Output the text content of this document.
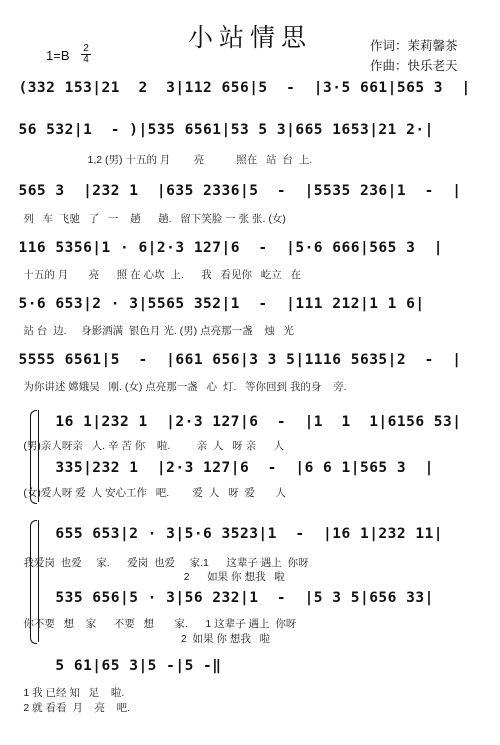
小站情思	作词：茉莉馨茶
作曲：快乐老天
1=B	2
4
(332 153|21  2  3|112 656|5  -  |3·5 661|565 3  |
56 532|1  - )|535 6561|53 5 3|665 1653|21 2·|
1,2 (男) 十五的 月        亮           照在   站  台  上.
565 3  |232 1  |635 2336|5  -  |5535 236|1  -  |
列   车  飞驰   了   一    趟      趟.   留下笑脸 一 张 张. (女)
116 5356|1 · 6|2·3 127|6  -  |5·6 666|565 3  |
十五的 月       亮      照 在 心坎  上.      我   看见你   屹立   在
5·6 653|2 · 3|5565 352|1  -  |111 212|1 1 6|
站 台  边.     身影洒满  银色月 光. (男) 点亮那一盏    烛   光
5555 6561|5  -  |661 656|3 3 5|1116 5635|2  -  |
为你讲述 嫦娥吴   刚. (女) 点亮那一盏   心  灯.   等你回到 我的身    旁.
16 1|232 1  |2·3 127|6  -  |1  1  1|6156 53|
(男)亲人呀亲   人. 辛 苦 你    啦.         亲  人   呀 亲      人
335|232 1  |2·3 127|6  -  |6 6 1|565 3  |
(女)爱人呀 爱  人 安心工作   吧.        爱  人   呀  爱       人
655 653|2 · 3|5·6 3523|1  -  |16 1|232 11|
我爱岗  也爱     家.      爱岗  也爱     家.1      这辈子 遇上  你呀
2      如果 你 想我   啦
535 656|5 · 3|56 232|1  -  |5 3 5|656 33|
你不要   想    家      不要   想       家.      1 这辈子 遇上  你呀
2  如果 你 想我   啦
5 61|65 3|5 -|5 -‖
1 我 已经 知   足    啦.
2 就 看看  月    亮    吧.
